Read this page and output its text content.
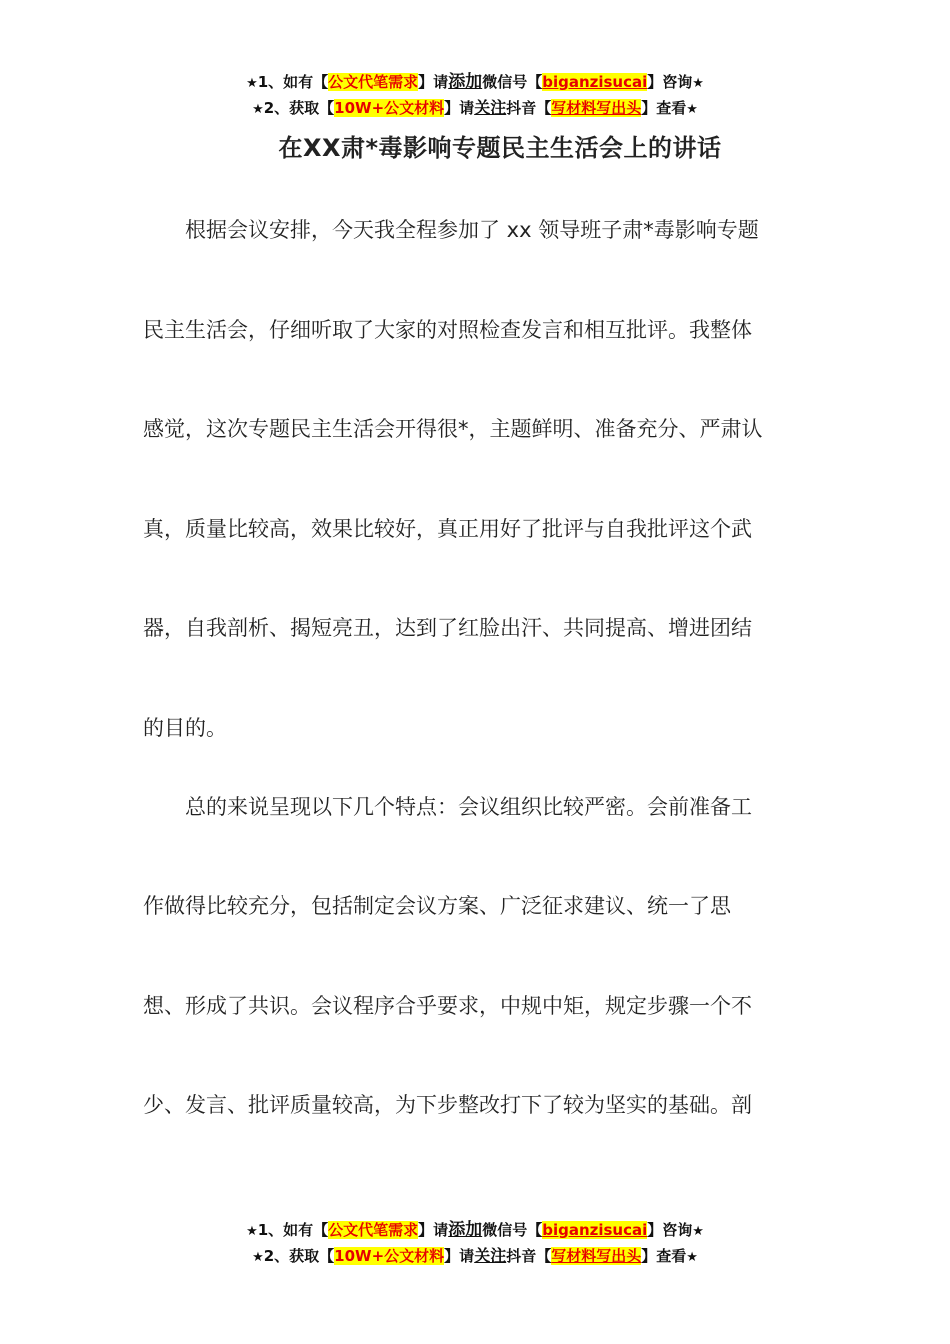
★1、如有【公文代笔需求】请添加微信号【biganzisucai】咨询★
★2、获取【10W+公文材料】请关注抖音【写材料写出头】查看★
在XX肃*毒影响专题民主生活会上的讲话
　　根据会议安排，今天我全程参加了 xx 领导班子肃*毒影响专题
民主生活会，仔细听取了大家的对照检查发言和相互批评。我整体
感觉，这次专题民主生活会开得很*，主题鲜明、准备充分、严肃认
真，质量比较高，效果比较好，真正用好了批评与自我批评这个武
器，自我剖析、揭短亮丑，达到了红脸出汗、共同提高、增进团结
的目的。
　　总的来说呈现以下几个特点：会议组织比较严密。会前准备工
作做得比较充分，包括制定会议方案、广泛征求建议、统一了思
想、形成了共识。会议程序合乎要求，中规中矩，规定步骤一个不
少、发言、批评质量较高，为下步整改打下了较为坚实的基础。剖
★1、如有【公文代笔需求】请添加微信号【biganzisucai】咨询★
★2、获取【10W+公文材料】请关注抖音【写材料写出头】查看★
